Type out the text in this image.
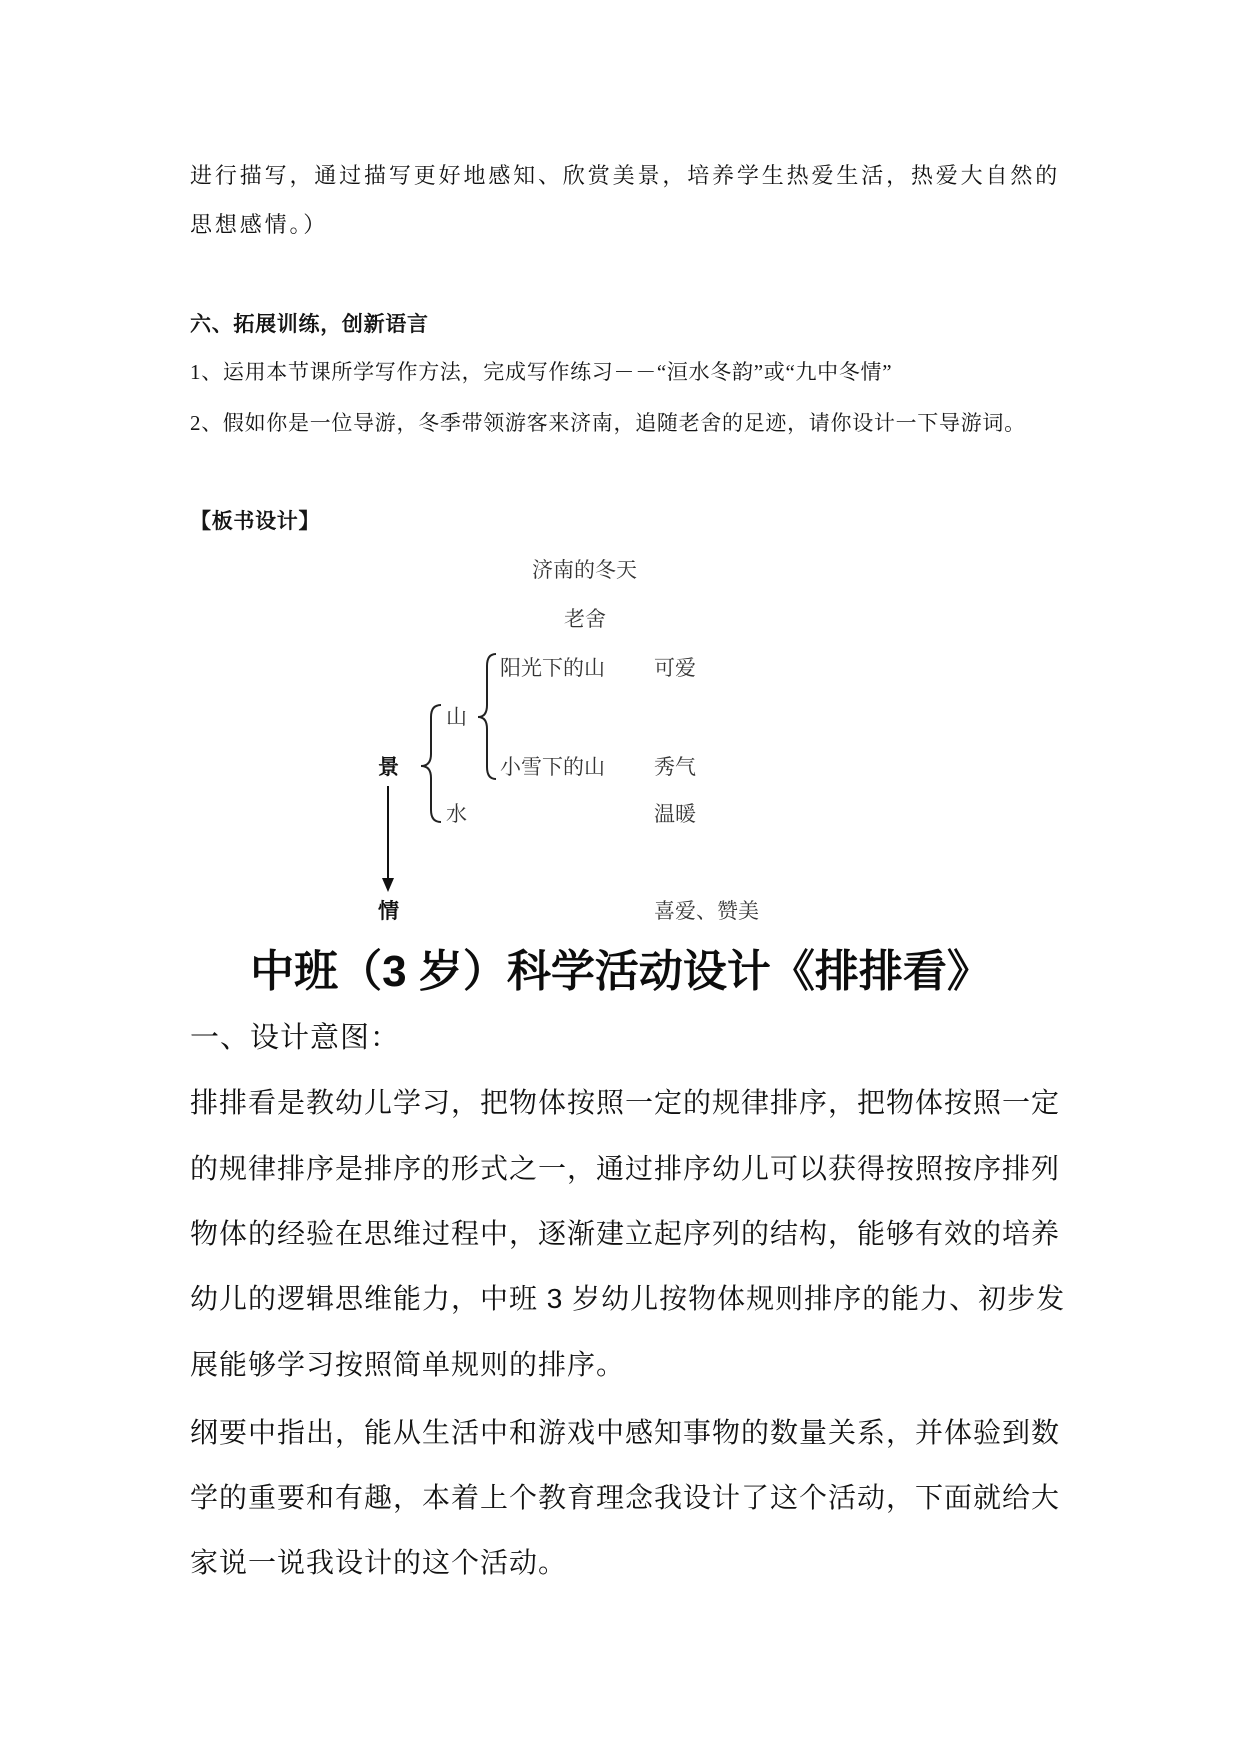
进行描写，通过描写更好地感知、欣赏美景，培养学生热爱生活，热爱大自然的
思想感情。）
六、拓展训练，创新语言
1、运用本节课所学写作方法，完成写作练习－－“洹水冬韵”或“九中冬情”
2、假如你是一位导游，冬季带领游客来济南，追随老舍的足迹，请你设计一下导游词。
【板书设计】
济南的冬天
老舍
阳光下的山 可爱
山
景	小雪下的山 秀气
水	温暖
情	喜爱、赞美
中班（3 岁）科学活动设计《排排看》
一、设计意图：
排排看是教幼儿学习，把物体按照一定的规律排序，把物体按照一定
的规律排序是排序的形式之一，通过排序幼儿可以获得按照按序排列
物体的经验在思维过程中，逐渐建立起序列的结构，能够有效的培养
幼儿的逻辑思维能力，中班 3 岁幼儿按物体规则排序的能力、初步发
展能够学习按照简单规则的排序。
纲要中指出，能从生活中和游戏中感知事物的数量关系，并体验到数
学的重要和有趣，本着上个教育理念我设计了这个活动，下面就给大
家说一说我设计的这个活动。
